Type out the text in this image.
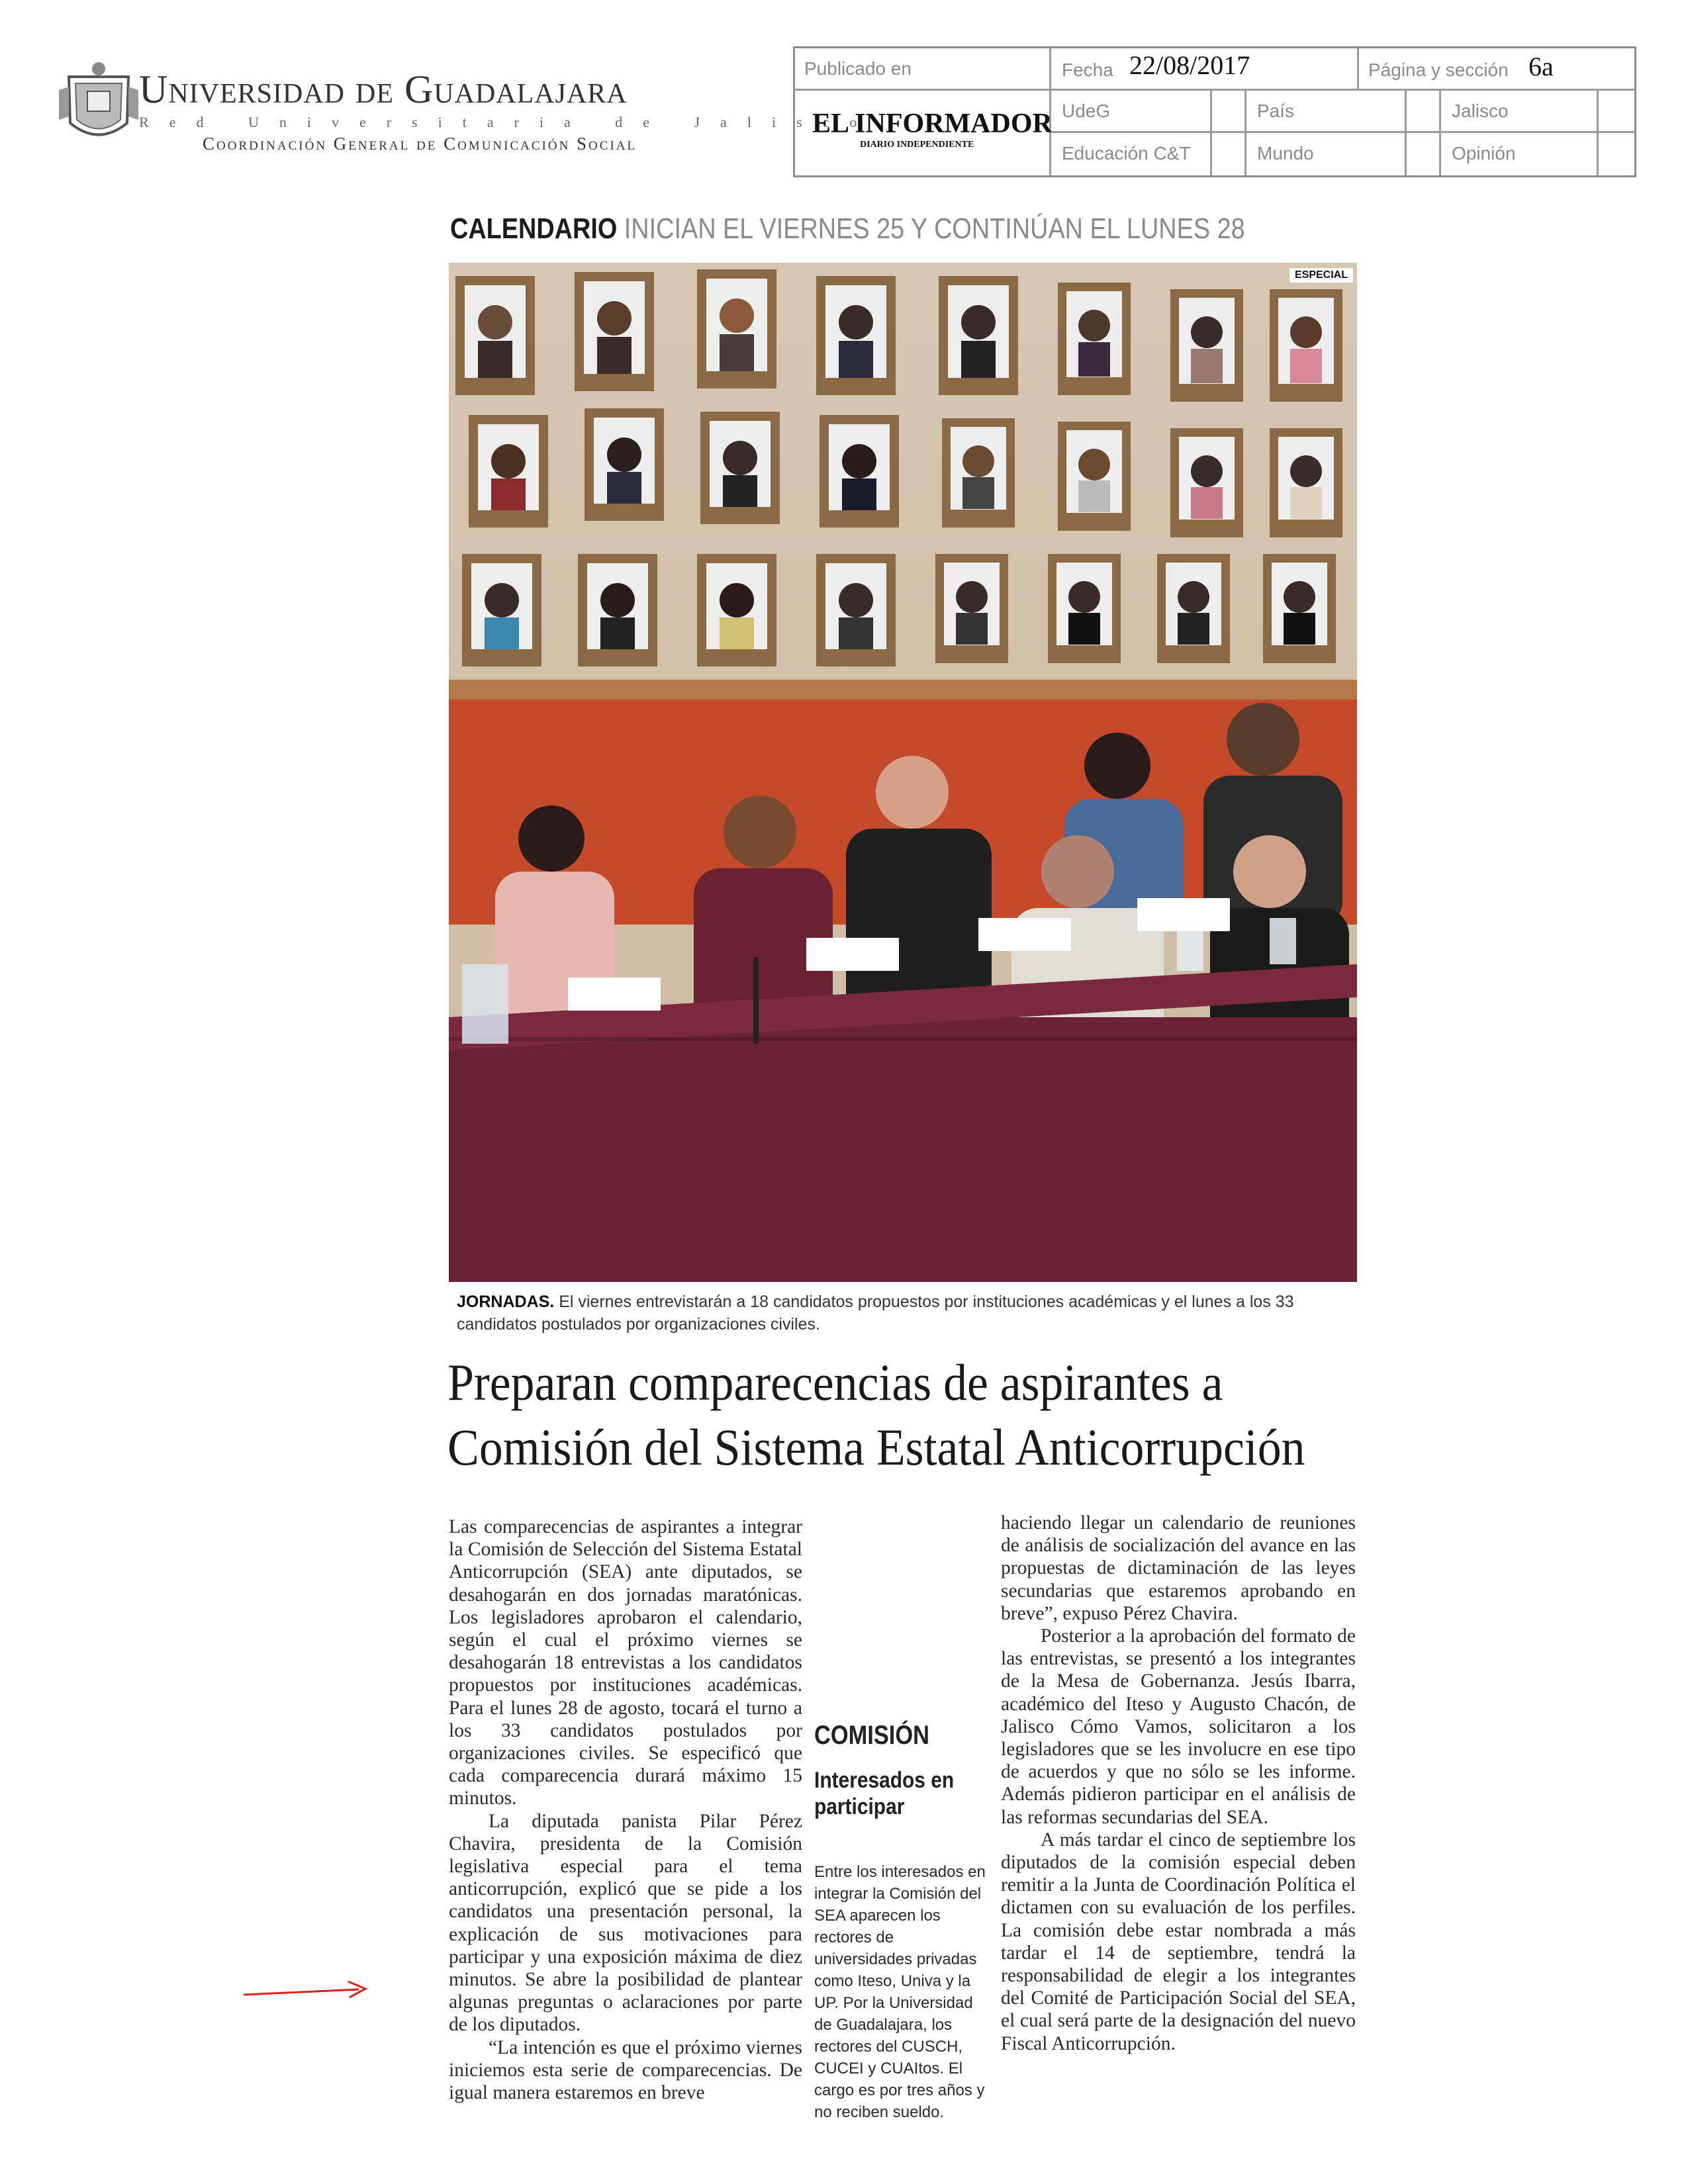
Universidad de Guadalajara
Red Universitaria de Jalisco
Coordinación General de Comunicación Social
Publicado en	Fecha 22/08/2017	Página y sección 6a
EL INFORMADOR
DIARIO INDEPENDIENTE
UdeG	País	Jalisco
Educación C&T	Mundo	Opinión
CALENDARIO INICIAN EL VIERNES 25 Y CONTINÚAN EL LUNES 28
ESPECIAL
JORNADAS. El viernes entrevistarán a 18 candidatos propuestos por instituciones académicas y el lunes a los 33 candidatos postulados por organizaciones civiles.
Preparan comparecencias de aspirantes a
Comisión del Sistema Estatal Anticorrupción

Las comparecencias de aspirantes a integrar la Comisión de Selección del Sistema Estatal Anticorrupción (SEA) ante diputados, se desahogarán en dos jornadas maratónicas. Los legisladores aprobaron el calendario, según el cual el próximo viernes se desahogarán 18 entrevistas a los candidatos propuestos por instituciones académicas. Para el lunes 28 de agosto, tocará el turno a los 33 candidatos postulados por organizaciones civiles. Se especificó que cada comparecencia durará máximo 15 minutos.

La diputada panista Pilar Pérez Chavira, presidenta de la Comisión legislativa especial para el tema anticorrupción, explicó que se pide a los candidatos una presentación personal, la explicación de sus motivaciones para participar y una exposición máxima de diez minutos. Se abre la posibilidad de plantear algunas preguntas o aclaraciones por parte de los diputados.

“La intención es que el próximo viernes iniciemos esta serie de comparecencias. De igual manera estaremos en breve

COMISIÓN
Interesados en participar
Entre los interesados en integrar la Comisión del SEA aparecen los rectores de universidades privadas como Iteso, Univa y la UP. Por la Universidad de Guadalajara, los rectores del CUSCH, CUCEI y CUAItos. El cargo es por tres años y no reciben sueldo.

haciendo llegar un calendario de reuniones de análisis de socialización del avance en las propuestas de dictaminación de las leyes secundarias que estaremos aprobando en breve”, expuso Pérez Chavira.

Posterior a la aprobación del formato de las entrevistas, se presentó a los integrantes de la Mesa de Gobernanza. Jesús Ibarra, académico del Iteso y Augusto Chacón, de Jalisco Cómo Vamos, solicitaron a los legisladores que se les involucre en ese tipo de acuerdos y que no sólo se les informe. Además pidieron participar en el análisis de las reformas secundarias del SEA.

A más tardar el cinco de septiembre los diputados de la comisión especial deben remitir a la Junta de Coordinación Política el dictamen con su evaluación de los perfiles. La comisión debe estar nombrada a más tardar el 14 de septiembre, tendrá la responsabilidad de elegir a los integrantes del Comité de Participación Social del SEA, el cual será parte de la designación del nuevo Fiscal Anticorrupción.
